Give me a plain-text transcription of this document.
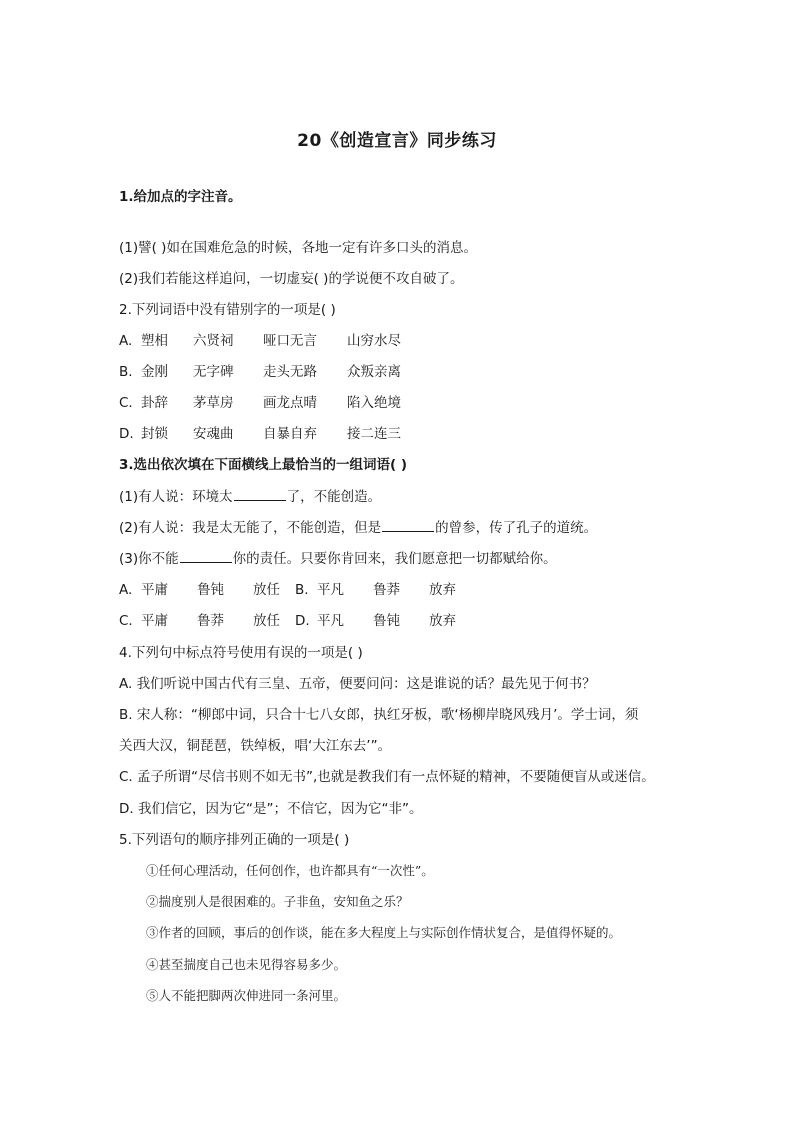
20《创造宣言》同步练习
1.给加点的字注音。
(1)譬( )如在国难危急的时候，各地一定有许多口头的消息。
(2)我们若能这样追问，一切虚妄( )的学说便不攻自破了。
2.下列词语中没有错别字的一项是( )
A. 塑相 六贤祠 哑口无言 山穷水尽
B. 金刚 无字碑 走头无路 众叛亲离
C. 卦辞 茅草房 画龙点晴 陷入绝境
D. 封锁 安魂曲 自暴自弃 接二连三
3.选出依次填在下面横线上最恰当的一组词语( )
(1)有人说：环境太	了，不能创造。
(2)有人说：我是太无能了，不能创造，但是	的曾参，传了孔子的道统。
(3)你不能	你的责任。只要你肯回来，我们愿意把一切都赋给你。
A. 平庸 鲁钝 放任 B. 平凡 鲁莽 放弃
C. 平庸 鲁莽 放任 D. 平凡 鲁钝 放弃
4.下列句中标点符号使用有误的一项是( )
A. 我们听说中国古代有三皇、五帝，便要问问：这是谁说的话？最先见于何书？
B. 宋人称：“柳郎中词，只合十七八女郎，执红牙板，歌‘杨柳岸晓风残月’。学士词，须
关西大汉，铜琵琶，铁绰板，唱‘大江东去’”。
C. 孟子所谓“尽信书则不如无书”,也就是教我们有一点怀疑的精神，不要随便盲从或迷信。
D. 我们信它，因为它“是”；不信它，因为它“非”。
5.下列语句的顺序排列正确的一项是( )
①任何心理活动，任何创作，也许都具有“一次性”。
②揣度别人是很困难的。子非鱼，安知鱼之乐？
③作者的回顾，事后的创作谈，能在多大程度上与实际创作情状复合，是值得怀疑的。
④甚至揣度自己也未见得容易多少。
⑤人不能把脚两次伸进同一条河里。
